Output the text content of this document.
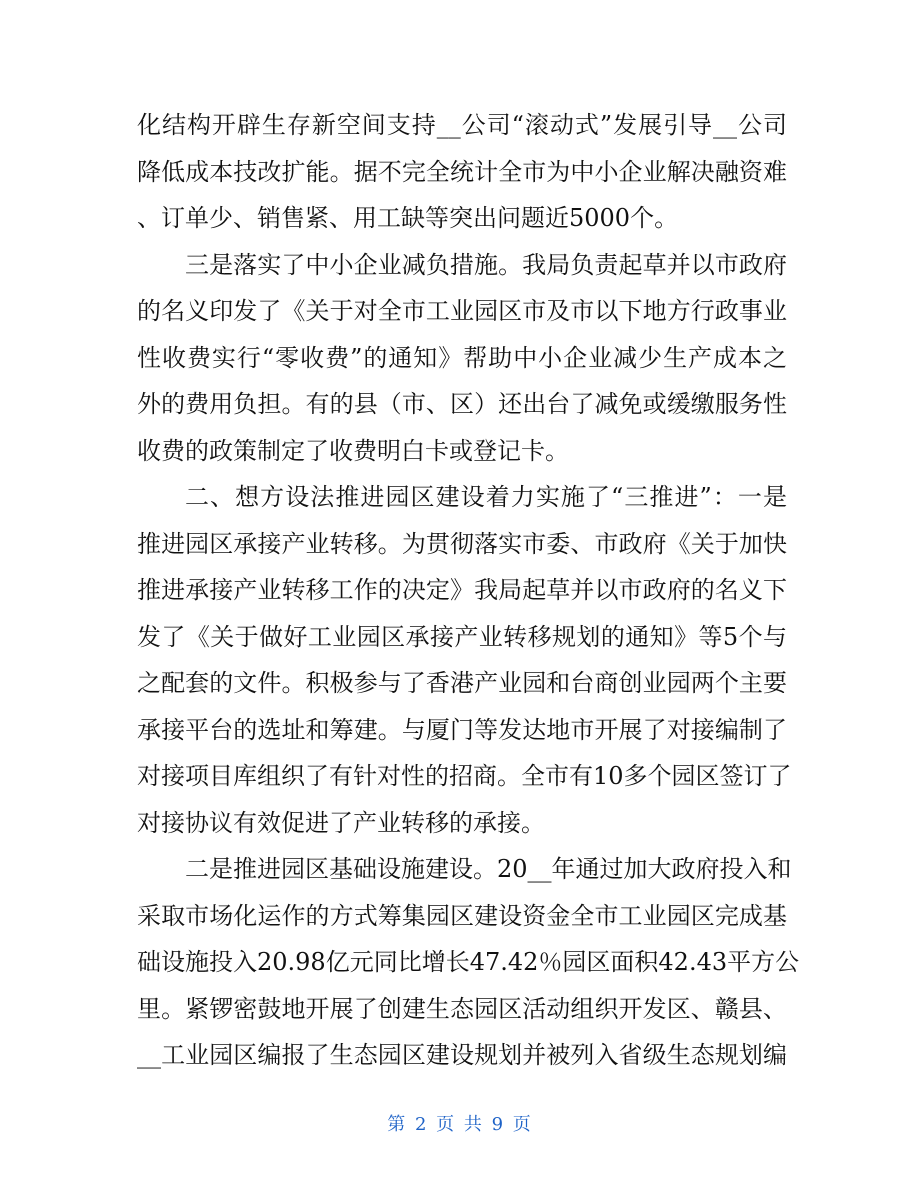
化结构开辟生存新空间支持__公司“滚动式”发展引导__公司
降低成本技改扩能。据不完全统计全市为中小企业解决融资难
、订单少、销售紧、用工缺等突出问题近5000个。
三是落实了中小企业减负措施。我局负责起草并以市政府
的名义印发了《关于对全市工业园区市及市以下地方行政事业
性收费实行“零收费”的通知》帮助中小企业减少生产成本之
外的费用负担。有的县（市、区）还出台了减免或缓缴服务性
收费的政策制定了收费明白卡或登记卡。
二、想方设法推进园区建设着力实施了“三推进”：一是
推进园区承接产业转移。为贯彻落实市委、市政府《关于加快
推进承接产业转移工作的决定》我局起草并以市政府的名义下
发了《关于做好工业园区承接产业转移规划的通知》等5个与
之配套的文件。积极参与了香港产业园和台商创业园两个主要
承接平台的选址和筹建。与厦门等发达地市开展了对接编制了
对接项目库组织了有针对性的招商。全市有10多个园区签订了
对接协议有效促进了产业转移的承接。
二是推进园区基础设施建设。20__年通过加大政府投入和
采取市场化运作的方式筹集园区建设资金全市工业园区完成基
础设施投入20.98亿元同比增长47.42％园区面积42.43平方公
里。紧锣密鼓地开展了创建生态园区活动组织开发区、赣县、
__工业园区编报了生态园区建设规划并被列入省级生态规划编
第 2 页 共 9 页
